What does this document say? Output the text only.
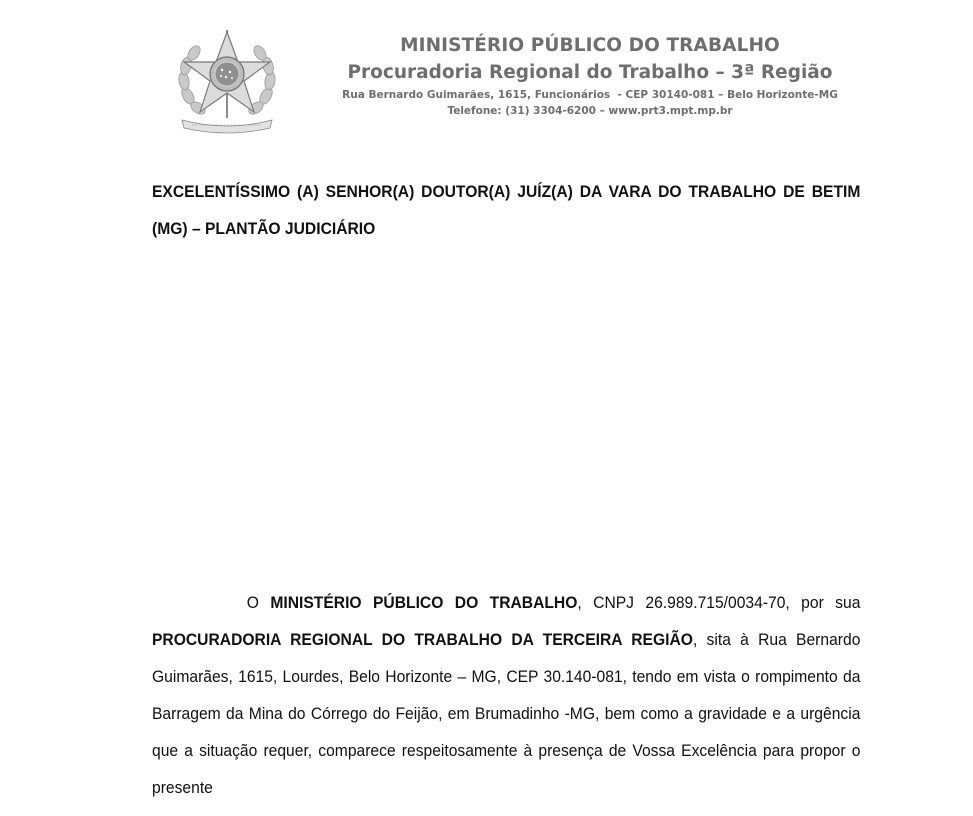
MINISTÉRIO PÚBLICO DO TRABALHO
Procuradoria Regional do Trabalho – 3ª Região
Rua Bernardo Guimarães, 1615, Funcionários  - CEP 30140-081 – Belo Horizonte-MG
Telefone: (31) 3304-6200 – www.prt3.mpt.mp.br
EXCELENTÍSSIMO (A) SENHOR(A) DOUTOR(A) JUÍZ(A) DA VARA DO TRABALHO DE BETIM (MG) – PLANTÃO JUDICIÁRIO
O MINISTÉRIO PÚBLICO DO TRABALHO, CNPJ 26.989.715/0034-70, por sua PROCURADORIA REGIONAL DO TRABALHO DA TERCEIRA REGIÃO, sita à Rua Bernardo Guimarães, 1615, Lourdes, Belo Horizonte – MG, CEP 30.140-081, tendo em vista o rompimento da Barragem da Mina do Córrego do Feijão, em Brumadinho -MG, bem como a gravidade e a urgência que a situação requer, comparece respeitosamente à presença de Vossa Excelência para propor o presente
